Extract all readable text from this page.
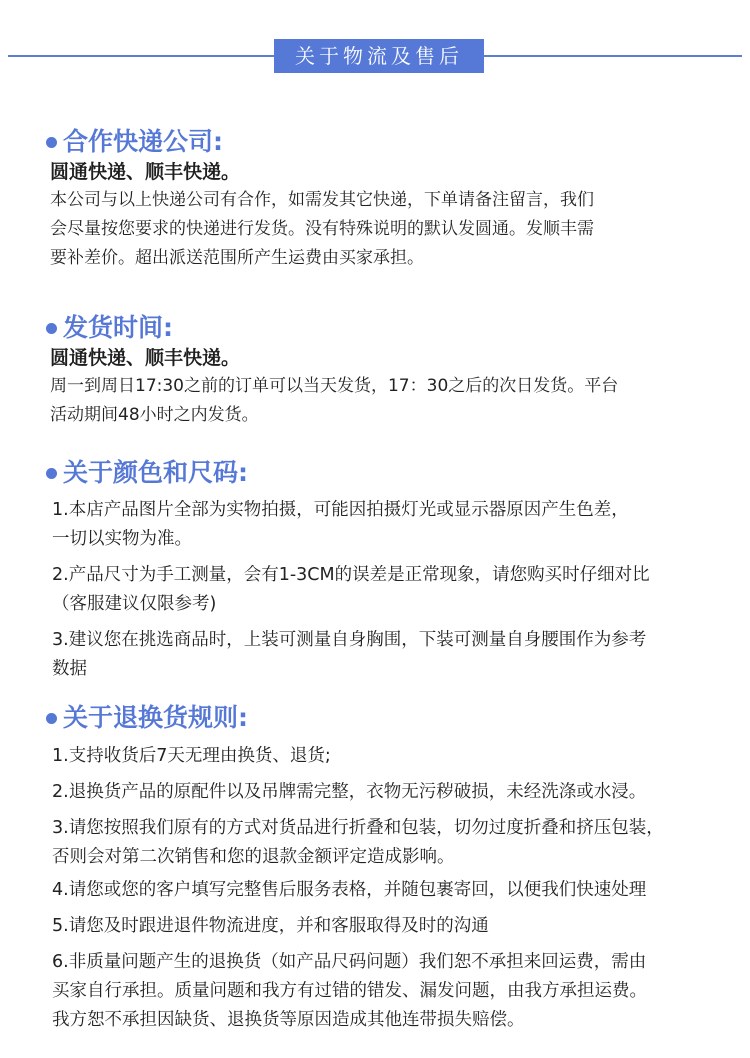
关于物流及售后
合作快递公司:
圆通快递、顺丰快递。
本公司与以上快递公司有合作，如需发其它快递，下单请备注留言，我们
会尽量按您要求的快递进行发货。没有特殊说明的默认发圆通。发顺丰需
要补差价。超出派送范围所产生运费由买家承担。
发货时间:
圆通快递、顺丰快递。
周一到周日17:30之前的订单可以当天发货，17：30之后的次日发货。平台
活动期间48小时之内发货。
关于颜色和尺码:
1.本店产品图片全部为实物拍摄，可能因拍摄灯光或显示器原因产生色差，
一切以实物为准。
2.产品尺寸为手工测量，会有1-3CM的误差是正常现象，请您购买时仔细对比
（客服建议仅限参考)
3.建议您在挑选商品时，上装可测量自身胸围，下装可测量自身腰围作为参考
数据
关于退换货规则:
1.支持收货后7天无理由换货、退货;
2.退换货产品的原配件以及吊牌需完整，衣物无污秽破损，未经洗涤或水浸。
3.请您按照我们原有的方式对货品进行折叠和包装，切勿过度折叠和挤压包装，
否则会对第二次销售和您的退款金额评定造成影响。
4.请您或您的客户填写完整售后服务表格，并随包裹寄回，以便我们快速处理
5.请您及时跟进退件物流进度，并和客服取得及时的沟通
6.非质量问题产生的退换货（如产品尺码问题）我们恕不承担来回运费，需由
买家自行承担。质量问题和我方有过错的错发、漏发问题，由我方承担运费。
我方恕不承担因缺货、退换货等原因造成其他连带损失赔偿。
